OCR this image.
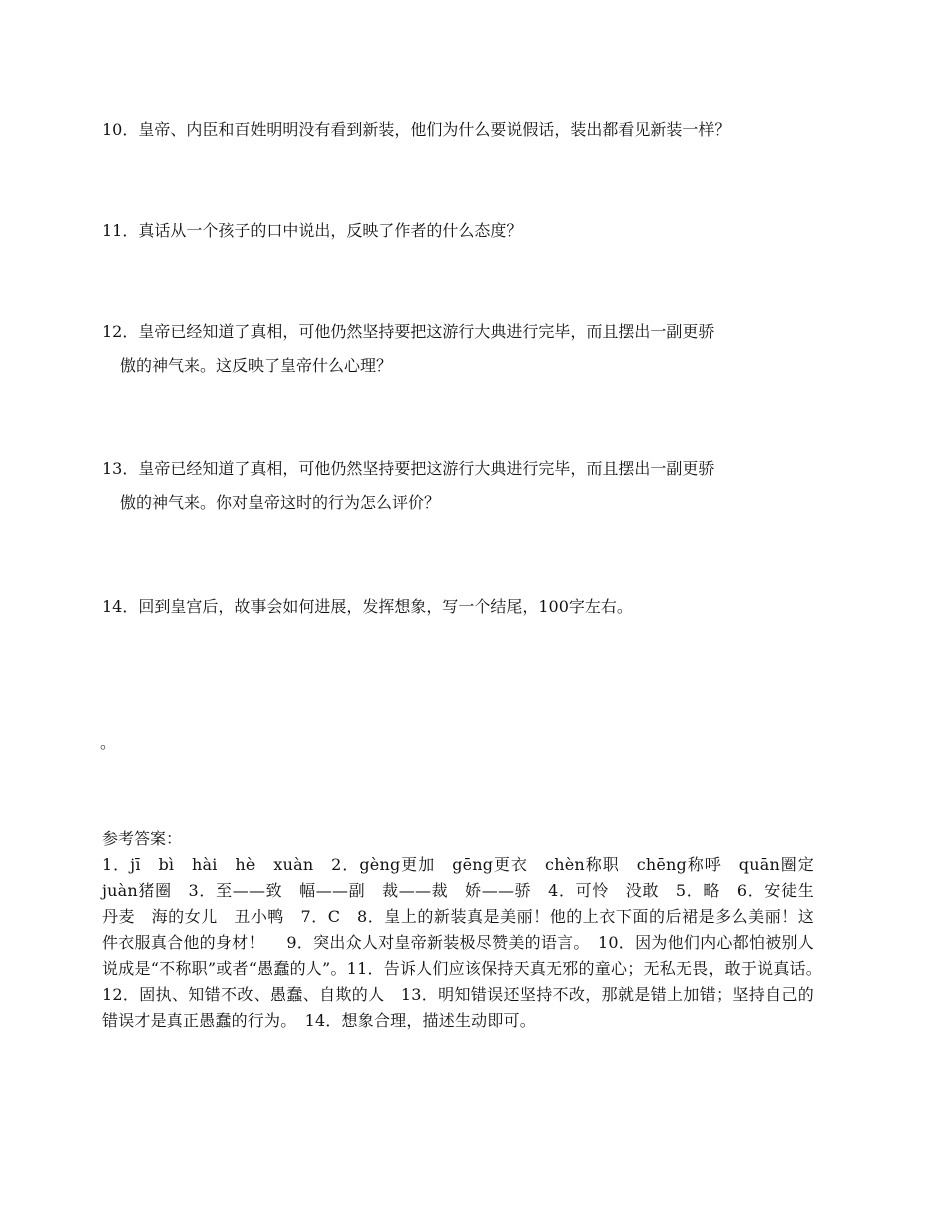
10．皇帝、内臣和百姓明明没有看到新装，他们为什么要说假话，装出都看见新装一样？
11．真话从一个孩子的口中说出，反映了作者的什么态度？
12．皇帝已经知道了真相，可他仍然坚持要把这游行大典进行完毕，而且摆出一副更骄
傲的神气来。这反映了皇帝什么心理？
13．皇帝已经知道了真相，可他仍然坚持要把这游行大典进行完毕，而且摆出一副更骄
傲的神气来。你对皇帝这时的行为怎么评价？
14．回到皇宫后，故事会如何进展，发挥想象，写一个结尾，100字左右。
。
参考答案：
1．jī　bì　hài　hè　xuàn　2．gèng更加　gēng更衣　chèn称职　chēng称呼　quān圈定　juàn猪圈　3．至——致　幅——副　裁——裁　娇——骄　4．可怜　没敢　5．略　6．安徒生　丹麦　海的女儿　丑小鸭　7．C　8．皇上的新装真是美丽！他的上衣下面的后裙是多么美丽！这件衣服真合他的身材！　 9．突出众人对皇帝新装极尽赞美的语言。　10．因为他们内心都怕被别人说成是“不称职”或者“愚蠢的人”。11．告诉人们应该保持天真无邪的童心；无私无畏，敢于说真话。　12．固执、知错不改、愚蠢、自欺的人　13．明知错误还坚持不改，那就是错上加错；坚持自己的错误才是真正愚蠢的行为。　14．想象合理，描述生动即可。
